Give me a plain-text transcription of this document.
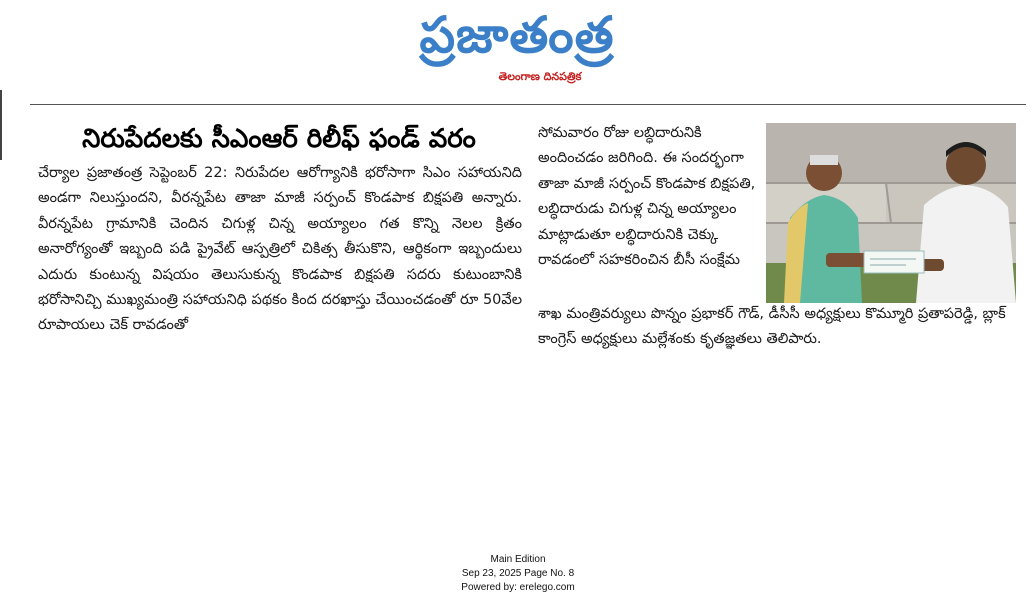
ప్రజాతంత్ర
తెలంగాణ దినపత్రిక
నిరుపేదలకు సీఎంఆర్ రిలీఫ్ ఫండ్ వరం
చేర్యాల ప్రజాతంత్ర సెప్టెంబర్ 22: నిరుపేదల ఆరోగ్యానికి భరోసాగా సిఎం సహాయనిది అండగా నిలుస్తుందని, వీరన్నపేట తాజా మాజీ సర్పంచ్ కొండపాక బిక్షపతి అన్నారు. వీరన్నపేట గ్రామానికి చెందిన చిగుళ్ల చిన్న అయ్యాలం గత కొన్ని నెలల క్రితం అనారోగ్యంతో ఇబ్బంది పడి ప్రైవేట్ ఆస్పత్రిలో చికిత్స తీసుకొని, ఆర్థికంగా ఇబ్బందులు ఎదురు కుంటున్న విషయం తెలుసుకున్న కొండపాక బిక్షపతి సదరు కుటుంబానికి భరోసానిచ్చి ముఖ్యమంత్రి సహాయనిధి పథకం కింద దరఖాస్తు చేయించడంతో రూ 50వేల రూపాయలు చెక్ రావడంతో
సోమవారం రోజు లబ్ధిదారునికి అందించడం జరిగింది. ఈ సందర్భంగా తాజా మాజీ సర్పంచ్ కొండపాక బిక్షపతి, లబ్ధిదారుడు చిగుళ్ల చిన్న అయ్యాలం మాట్లాడుతూ లబ్ధిదారునికి చెక్కు రావడంలో సహకరించిన బీసీ సంక్షేమ
శాఖ మంత్రివర్యులు పొన్నం ప్రభాకర్ గౌడ్, డీసీసీ అధ్యక్షులు కొమ్మూరి ప్రతాపరెడ్డి, బ్లాక్ కాంగ్రెస్ అధ్యక్షులు మల్లేశంకు కృతజ్ఞతలు తెలిపారు.
Main Edition
Sep 23, 2025 Page No. 8
Powered by: erelego.com
